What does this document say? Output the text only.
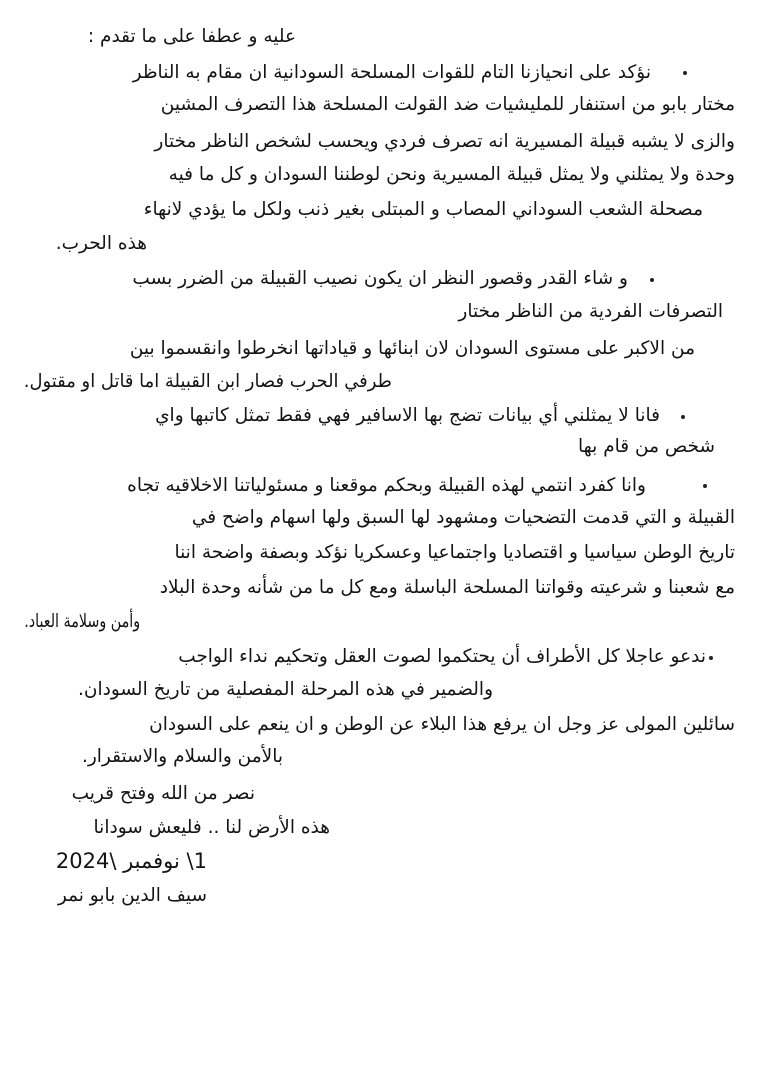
عليه و عطفا على ما تقدم :
نؤكد على انحيازنا التام للقوات المسلحة السودانية ان مقام به الناظر
مختار بابو من استنفار للمليشيات ضد القولت المسلحة هذا التصرف المشين
والزى لا يشبه قبيلة المسيرية انه تصرف فردي ويحسب لشخص الناظر مختار
وحدة ولا يمثلني ولا يمثل قبيلة المسيرية ونحن لوطننا السودان و كل ما فيه
مصحلة الشعب السوداني المصاب و المبتلى بغير ذنب ولكل ما يؤدي لانهاء
هذه الحرب.
و شاء القدر وقصور النظر ان يكون نصيب القبيلة من الضرر بسب
التصرفات الفردية من الناظر مختار
من الاكبر على مستوى السودان لان ابنائها و قياداتها انخرطوا وانقسموا بين
طرفي الحرب فصار ابن القبيلة اما قاتل او مقتول.
فانا لا يمثلني أي بيانات تضج بها الاسافير فهي فقط تمثل كاتبها واي
شخص من قام بها
وانا كفرد انتمي لهذه القبيلة وبحكم موقعنا و مسئولياتنا الاخلاقيه تجاه
القبيلة و التي قدمت التضحيات ومشهود لها السبق ولها اسهام واضح في
تاريخ الوطن سياسيا و اقتصاديا واجتماعيا وعسكريا نؤكد وبصفة واضحة اننا
مع شعبنا و شرعيته وقواتنا المسلحة الباسلة ومع كل ما من شأنه وحدة البلاد
وأمن وسلامة العباد.
ندعو عاجلا كل الأطراف أن يحتكموا لصوت العقل وتحكيم نداء الواجب
والضمير في هذه المرحلة المفصلية من تاريخ السودان.
سائلين المولى عز وجل ان يرفع هذا البلاء عن الوطن و ان ينعم على السودان
بالأمن والسلام والاستقرار.
نصر من الله وفتح قريب
هذه الأرض لنا .. فليعش سودانا
1\ نوفمبر \2024
سيف الدين بابو نمر
